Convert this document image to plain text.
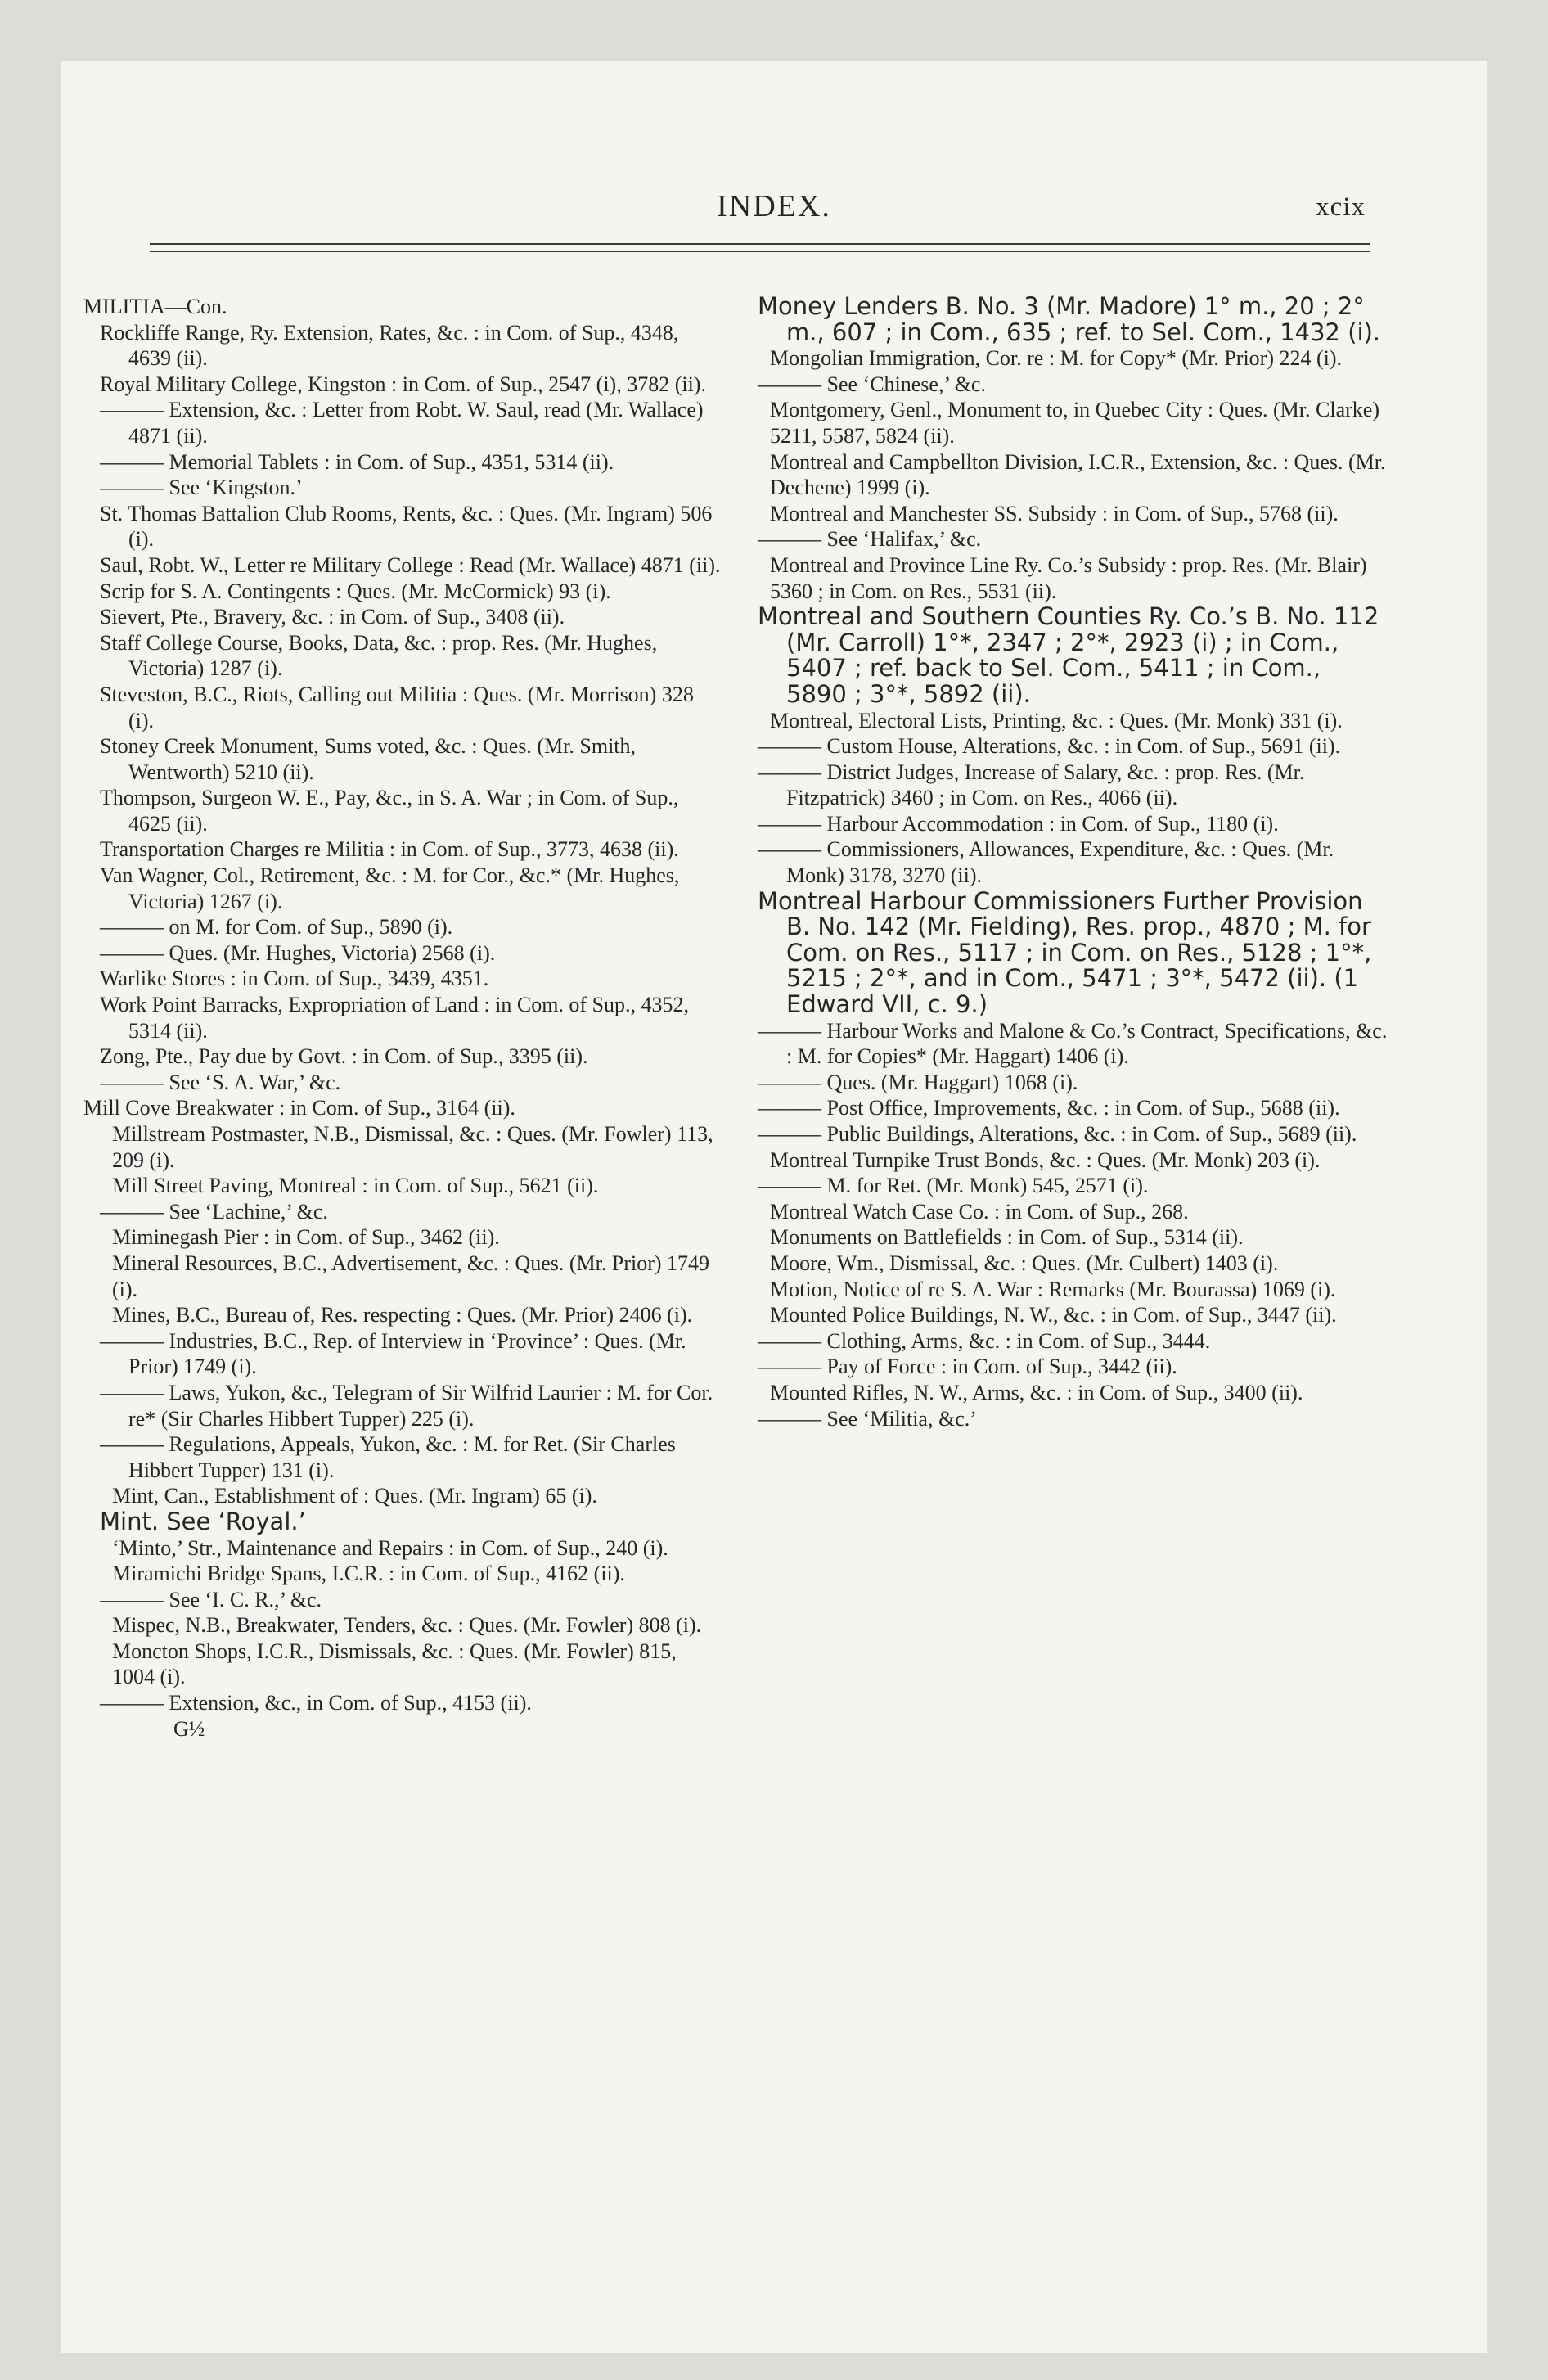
INDEX.	xcix

MILITIA—Con.

Rockliffe Range, Ry. Extension, Rates, &c. : in Com. of Sup., 4348, 4639 (ii).

Royal Military College, Kingston : in Com. of Sup., 2547 (i), 3782 (ii).

——— Extension, &c. : Letter from Robt. W. Saul, read (Mr. Wallace) 4871 (ii).

——— Memorial Tablets : in Com. of Sup., 4351, 5314 (ii).

——— See ‘Kingston.’

St. Thomas Battalion Club Rooms, Rents, &c. : Ques. (Mr. Ingram) 506 (i).

Saul, Robt. W., Letter re Military College : Read (Mr. Wallace) 4871 (ii).

Scrip for S. A. Contingents : Ques. (Mr. McCormick) 93 (i).

Sievert, Pte., Bravery, &c. : in Com. of Sup., 3408 (ii).

Staff College Course, Books, Data, &c. : prop. Res. (Mr. Hughes, Victoria) 1287 (i).

Steveston, B.C., Riots, Calling out Militia : Ques. (Mr. Morrison) 328 (i).

Stoney Creek Monument, Sums voted, &c. : Ques. (Mr. Smith, Wentworth) 5210 (ii).

Thompson, Surgeon W. E., Pay, &c., in S. A. War ; in Com. of Sup., 4625 (ii).

Transportation Charges re Militia : in Com. of Sup., 3773, 4638 (ii).

Van Wagner, Col., Retirement, &c. : M. for Cor., &c.* (Mr. Hughes, Victoria) 1267 (i).

——— on M. for Com. of Sup., 5890 (i).

——— Ques. (Mr. Hughes, Victoria) 2568 (i).

Warlike Stores : in Com. of Sup., 3439, 4351.

Work Point Barracks, Expropriation of Land : in Com. of Sup., 4352, 5314 (ii).

Zong, Pte., Pay due by Govt. : in Com. of Sup., 3395 (ii).

——— See ‘S. A. War,’ &c.

Mill Cove Breakwater : in Com. of Sup., 3164 (ii).

Millstream Postmaster, N.B., Dismissal, &c. : Ques. (Mr. Fowler) 113, 209 (i).

Mill Street Paving, Montreal : in Com. of Sup., 5621 (ii).

——— See ‘Lachine,’ &c.

Miminegash Pier : in Com. of Sup., 3462 (ii).

Mineral Resources, B.C., Advertisement, &c. : Ques. (Mr. Prior) 1749 (i).

Mines, B.C., Bureau of, Res. respecting : Ques. (Mr. Prior) 2406 (i).

——— Industries, B.C., Rep. of Interview in ‘Province’ : Ques. (Mr. Prior) 1749 (i).

——— Laws, Yukon, &c., Telegram of Sir Wilfrid Laurier : M. for Cor. re* (Sir Charles Hibbert Tupper) 225 (i).

——— Regulations, Appeals, Yukon, &c. : M. for Ret. (Sir Charles Hibbert Tupper) 131 (i).

Mint, Can., Establishment of : Ques. (Mr. Ingram) 65 (i).

Mint. See ‘Royal.’

‘Minto,’ Str., Maintenance and Repairs : in Com. of Sup., 240 (i).

Miramichi Bridge Spans, I.C.R. : in Com. of Sup., 4162 (ii).

——— See ‘I. C. R.,’ &c.

Mispec, N.B., Breakwater, Tenders, &c. : Ques. (Mr. Fowler) 808 (i).

Moncton Shops, I.C.R., Dismissals, &c. : Ques. (Mr. Fowler) 815, 1004 (i).

——— Extension, &c., in Com. of Sup., 4153 (ii).

G½

Money Lenders B. No. 3 (Mr. Madore) 1° m., 20 ; 2° m., 607 ; in Com., 635 ; ref. to Sel. Com., 1432 (i).

Mongolian Immigration, Cor. re : M. for Copy* (Mr. Prior) 224 (i).

——— See ‘Chinese,’ &c.

Montgomery, Genl., Monument to, in Quebec City : Ques. (Mr. Clarke) 5211, 5587, 5824 (ii).

Montreal and Campbellton Division, I.C.R., Extension, &c. : Ques. (Mr. Dechene) 1999 (i).

Montreal and Manchester SS. Subsidy : in Com. of Sup., 5768 (ii).

——— See ‘Halifax,’ &c.

Montreal and Province Line Ry. Co.’s Subsidy : prop. Res. (Mr. Blair) 5360 ; in Com. on Res., 5531 (ii).

Montreal and Southern Counties Ry. Co.’s B. No. 112 (Mr. Carroll) 1°*, 2347 ; 2°*, 2923 (i) ; in Com., 5407 ; ref. back to Sel. Com., 5411 ; in Com., 5890 ; 3°*, 5892 (ii).

Montreal, Electoral Lists, Printing, &c. : Ques. (Mr. Monk) 331 (i).

——— Custom House, Alterations, &c. : in Com. of Sup., 5691 (ii).

——— District Judges, Increase of Salary, &c. : prop. Res. (Mr. Fitzpatrick) 3460 ; in Com. on Res., 4066 (ii).

——— Harbour Accommodation : in Com. of Sup., 1180 (i).

——— Commissioners, Allowances, Expenditure, &c. : Ques. (Mr. Monk) 3178, 3270 (ii).

Montreal Harbour Commissioners Further Provision B. No. 142 (Mr. Fielding), Res. prop., 4870 ; M. for Com. on Res., 5117 ; in Com. on Res., 5128 ; 1°*, 5215 ; 2°*, and in Com., 5471 ; 3°*, 5472 (ii). (1 Edward VII, c. 9.)

——— Harbour Works and Malone & Co.’s Contract, Specifications, &c. : M. for Copies* (Mr. Haggart) 1406 (i).

——— Ques. (Mr. Haggart) 1068 (i).

——— Post Office, Improvements, &c. : in Com. of Sup., 5688 (ii).

——— Public Buildings, Alterations, &c. : in Com. of Sup., 5689 (ii).

Montreal Turnpike Trust Bonds, &c. : Ques. (Mr. Monk) 203 (i).

——— M. for Ret. (Mr. Monk) 545, 2571 (i).

Montreal Watch Case Co. : in Com. of Sup., 268.

Monuments on Battlefields : in Com. of Sup., 5314 (ii).

Moore, Wm., Dismissal, &c. : Ques. (Mr. Culbert) 1403 (i).

Motion, Notice of re S. A. War : Remarks (Mr. Bourassa) 1069 (i).

Mounted Police Buildings, N. W., &c. : in Com. of Sup., 3447 (ii).

——— Clothing, Arms, &c. : in Com. of Sup., 3444.

——— Pay of Force : in Com. of Sup., 3442 (ii).

Mounted Rifles, N. W., Arms, &c. : in Com. of Sup., 3400 (ii).

——— See ‘Militia, &c.’
